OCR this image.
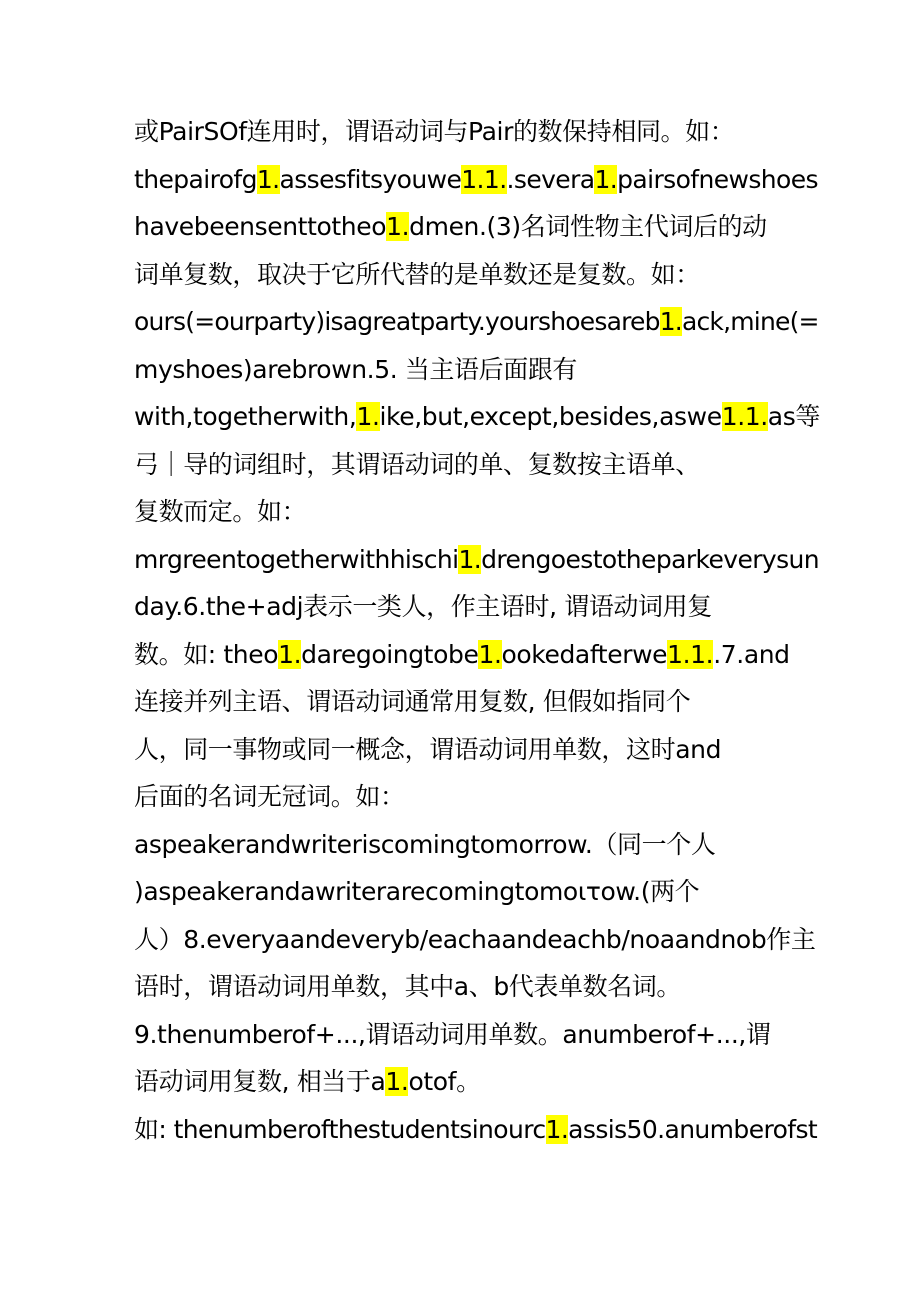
或PairSOf连用时，谓语动词与Pair的数保持相同。如：
thepairofg1.assesfitsyouwe1.1..severa1.pairsofnewshoes
havebeensenttotheo1.dmen.(3)名词性物主代词后的动
词单复数，取决于它所代替的是单数还是复数。如：
ours(=ourparty)isagreatparty.yourshoesareb1.ack,mine(=
myshoes)arebrown.5. 当主语后面跟有
with,togetherwith,1.ike,but,except,besides,aswe1.1.as等
弓｜导的词组时，其谓语动词的单、复数按主语单、
复数而定。如：
mrgreentogetherwithhischi1.drengoestotheparkeverysun
day.6.the+adj表示一类人，作主语时, 谓语动词用复
数。如: theo1.daregoingtobe1.ookedafterwe1.1..7.and
连接并列主语、谓语动词通常用复数, 但假如指同个
人，同一事物或同一概念，谓语动词用单数，这时and
后面的名词无冠词。如：
aspeakerandwriteriscomingtomorrow.（同一个人
)aspeakerandawriterarecomingtomoιτow.(两个
人）8.everyaandeveryb/eachaandeachb/noaandnob作主
语时，谓语动词用单数，其中a、b代表单数名词。
9.thenumberof+...,谓语动词用单数。anumberof+...,谓
语动词用复数, 相当于a1.otof。
如: thenumberofthestudentsinourc1.assis50.anumberofst
